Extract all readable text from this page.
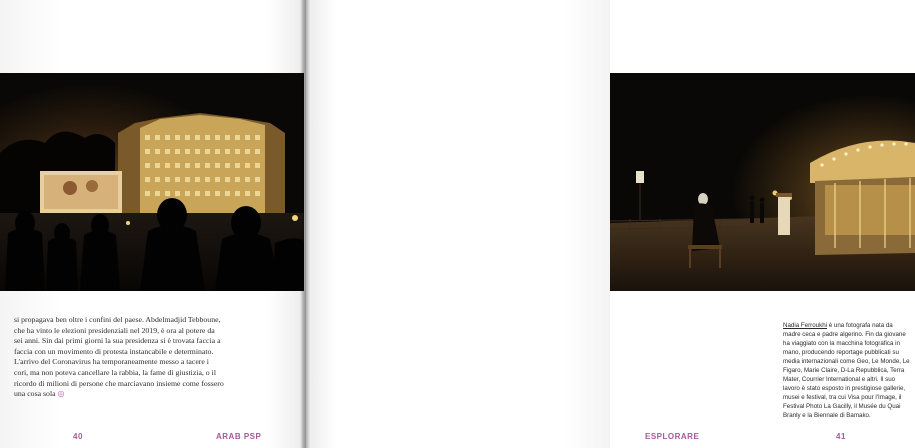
si propagava ben oltre i confini del paese. Abdelmadjid Tebboune,
che ha vinto le elezioni presidenziali nel 2019, è ora al potere da
sei anni. Sin dai primi giorni la sua presidenza si è trovata faccia a
faccia con un movimento di protesta instancabile e determinato.
L'arrivo del Coronavirus ha temporaneamente messo a tacere i
cori, ma non poteva cancellare la rabbia, la fame di giustizia, o il
ricordo di milioni di persone che marciavano insieme come fossero
una cosa sola ◎
40	ARAB PSP
Nadia Ferroukhi è una fotografa nata da madre ceca e padre algerino. Fin da giovane ha viaggiato con la macchina fotografica in mano, producendo reportage pubblicati su media internazionali come Geo, Le Monde, Le Figaro, Marie Claire, D-La Repubblica, Terra Mater, Courrier International e altri. Il suo lavoro è stato esposto in prestigiose gallerie, musei e festival, tra cui Visa pour l'Image, il Festival Photo La Gacilly, il Musée du Quai Branly e la Biennale di Bamako.
ESPLORARE	41
